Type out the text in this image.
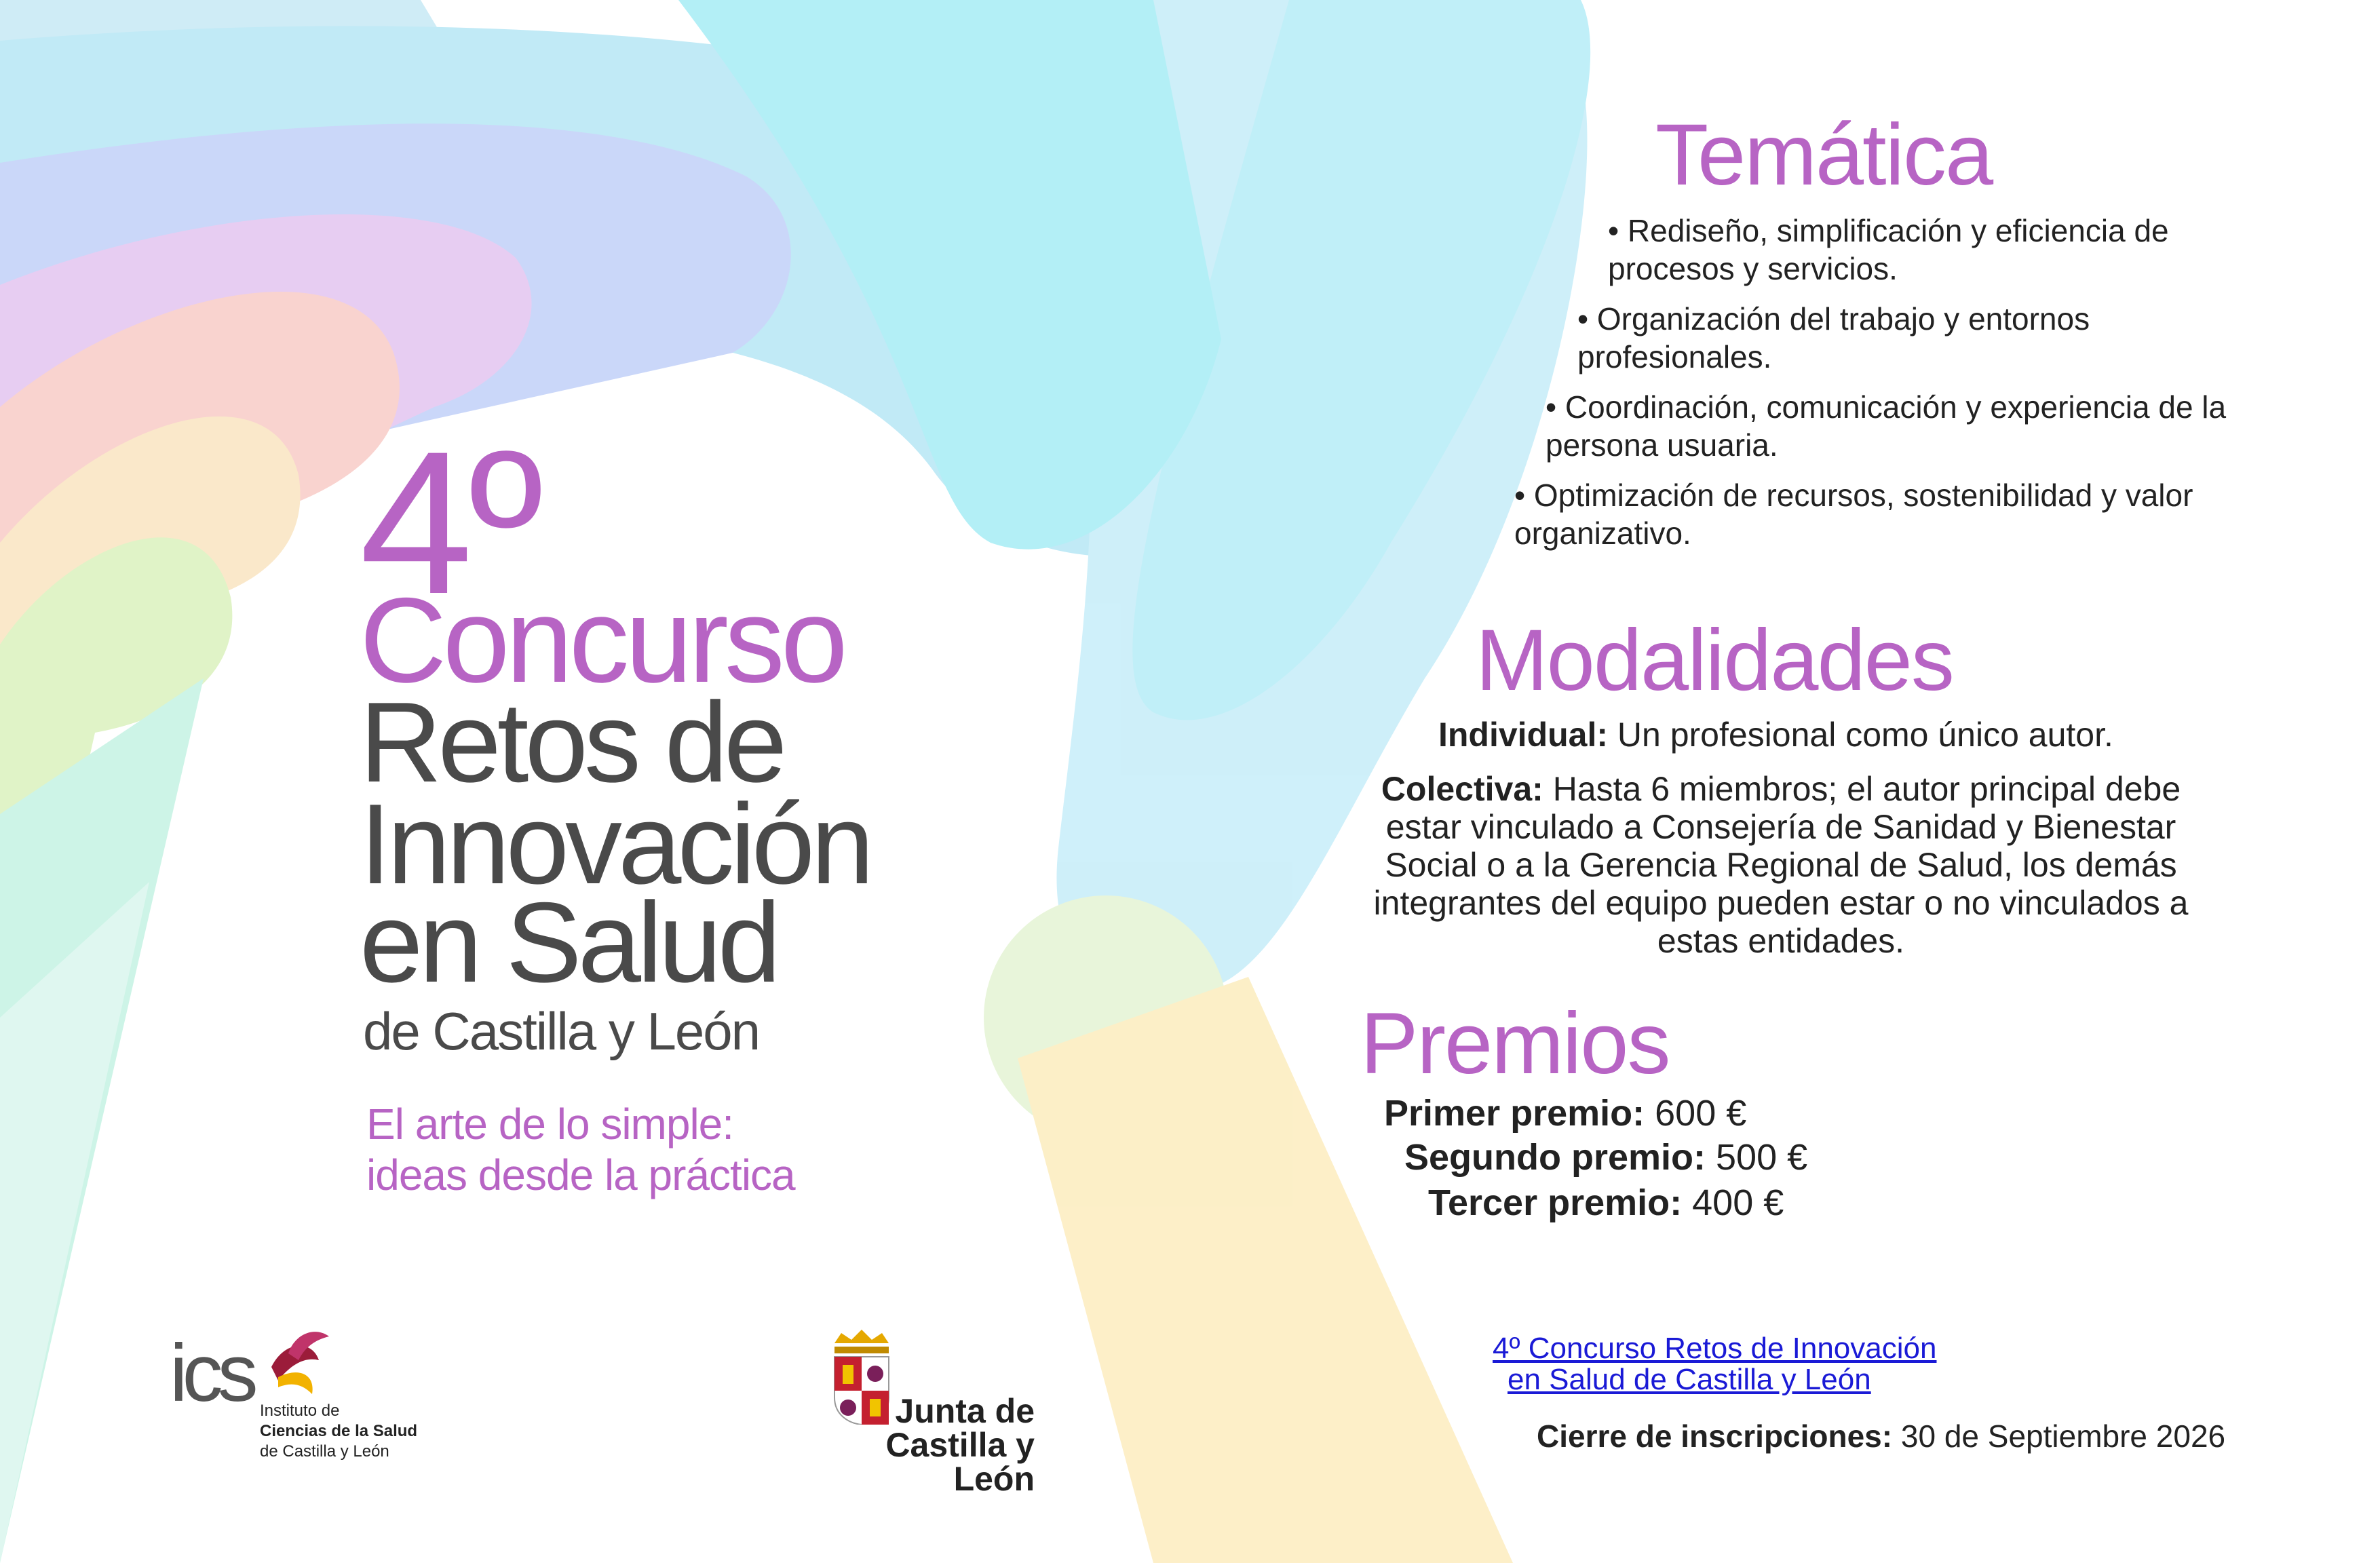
4º
Concurso
Retos de
Innovación
en Salud
de Castilla y León
El arte de lo simple:
ideas desde la práctica
Temática
• Rediseño, simplificación y eficiencia de procesos y servicios.
• Organización del trabajo y entornos profesionales.
• Coordinación, comunicación y experiencia de la persona usuaria.
• Optimización de recursos, sostenibilidad y valor organizativo.
Modalidades
Individual: Un profesional como único autor.
Colectiva: Hasta 6 miembros; el autor principal debe estar vinculado a Consejería de Sanidad y Bienestar Social o a la Gerencia Regional de Salud, los demás integrantes del equipo pueden estar o no vinculados a estas entidades.
Premios
Primer premio: 600 €
Segundo premio: 500 €
Tercer premio: 400 €
4º Concurso Retos de Innovación
en Salud de Castilla y León
Cierre de inscripciones: 30 de Septiembre 2026
ics Instituto de
Ciencias de la Salud
de Castilla y León
Junta de
Castilla y León
